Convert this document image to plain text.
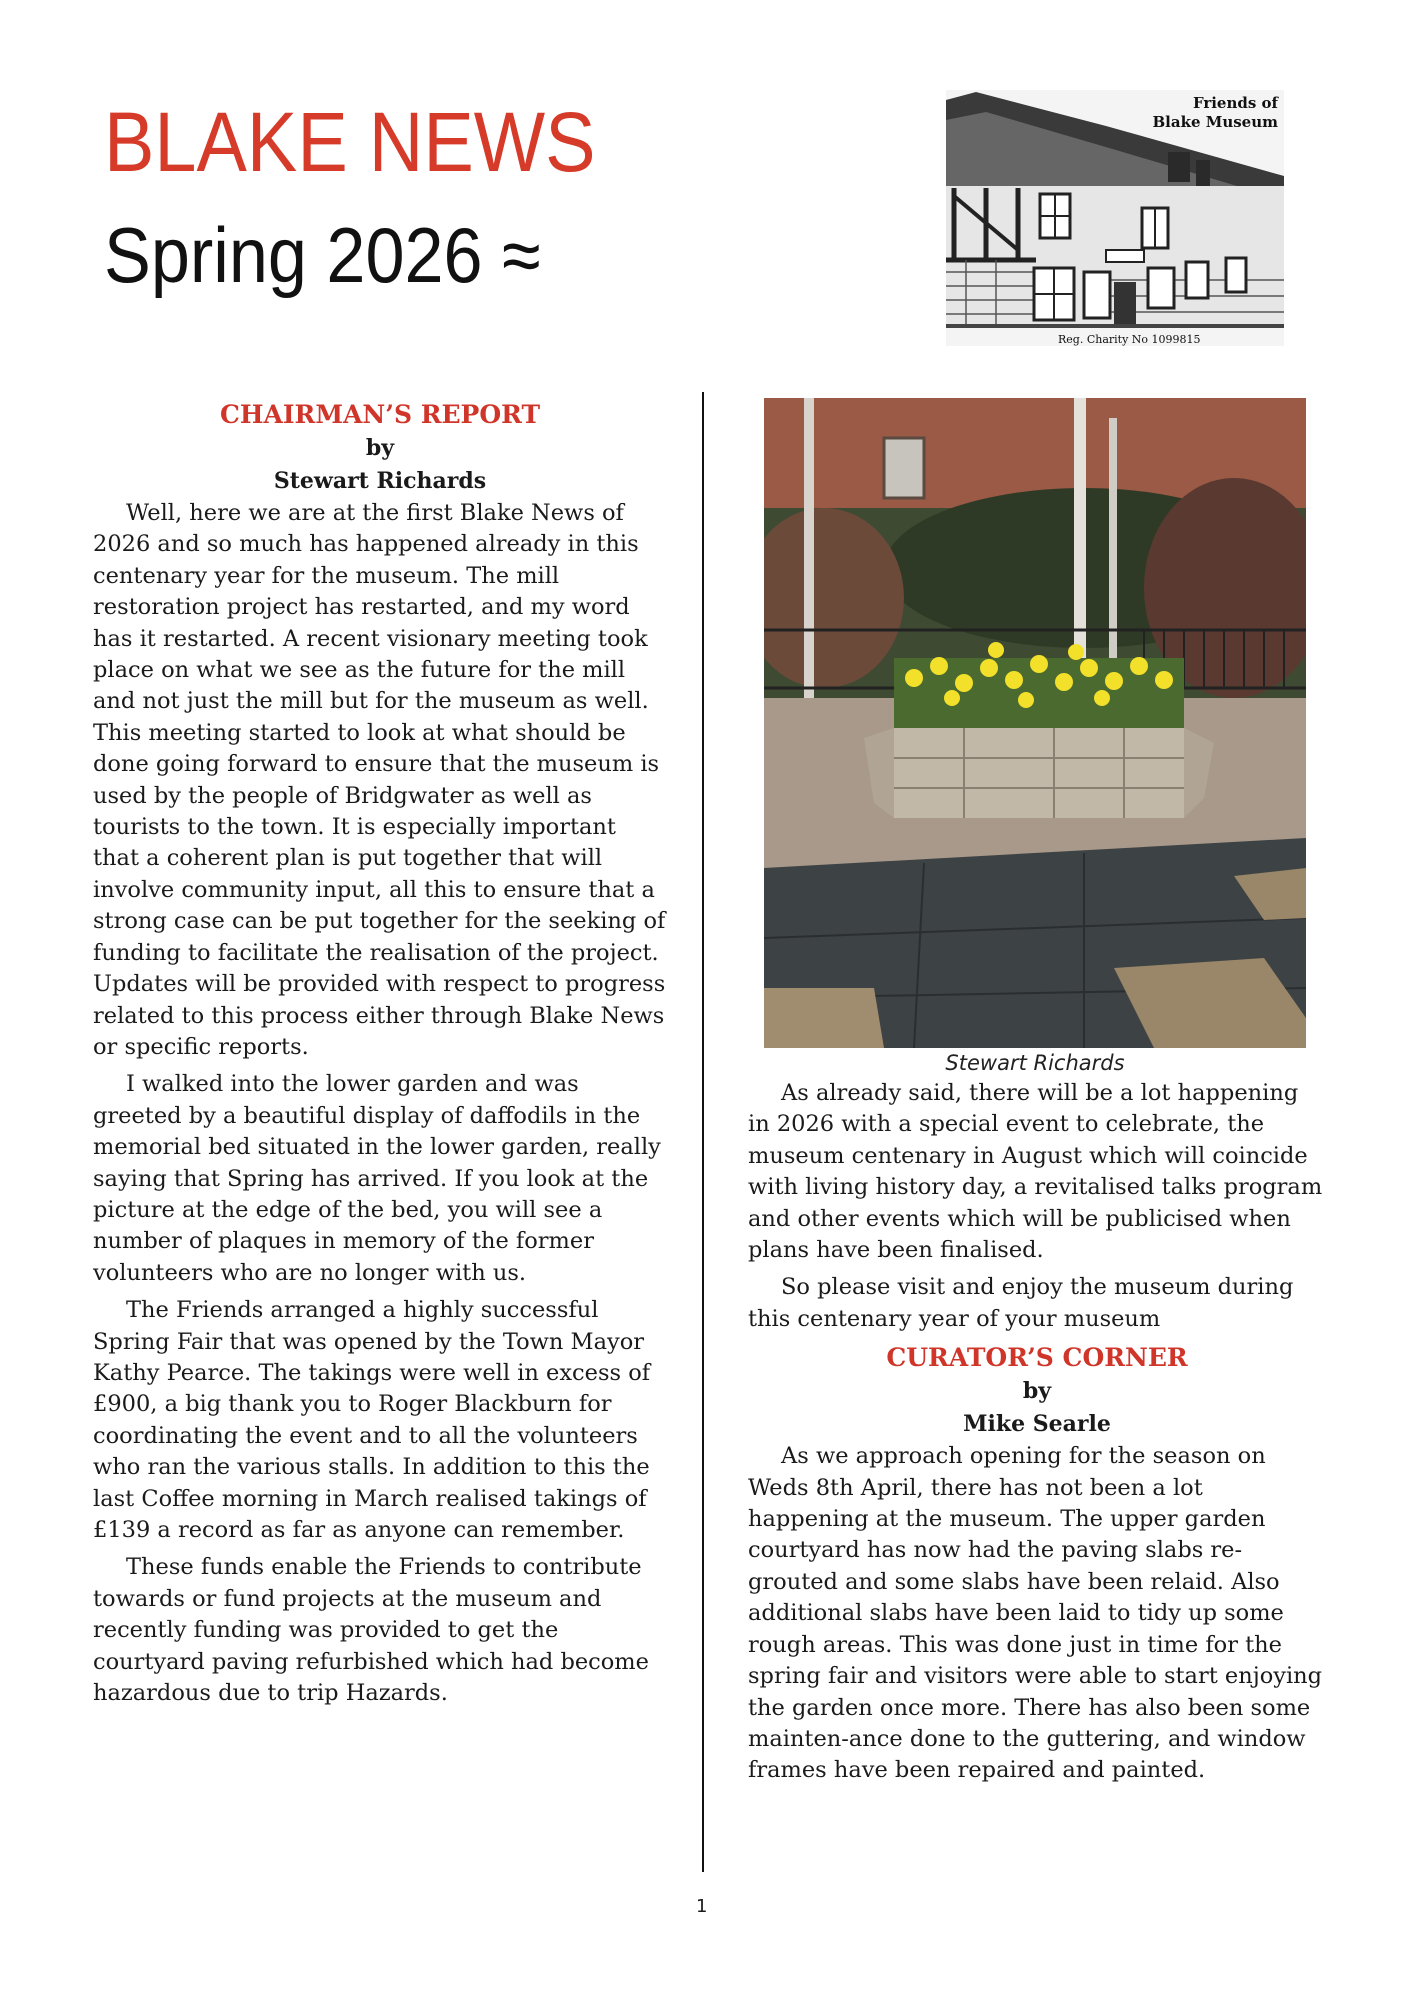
BLAKE NEWS
Spring 2026 ≈
Friends of
Blake Museum
Reg. Charity No 1099815
CHAIRMAN’S REPORT
by
Stewart Richards

Well, here we are at the first Blake News of 2026 and so much has happened already in this centenary year for the museum. The mill restoration project has restarted, and my word has it restarted. A recent visionary meeting took place on what we see as the future for the mill and not just the mill but for the museum as well. This meeting started to look at what should be done going forward to ensure that the museum is used by the people of Bridgwater as well as tourists to the town. It is especially important that a coherent plan is put together that will involve community input, all this to ensure that a strong case can be put together for the seeking of funding to facilitate the realisation of the project. Updates will be provided with respect to progress related to this process either through Blake News or specific reports.

I walked into the lower garden and was greeted by a beautiful display of daffodils in the memorial bed situated in the lower garden, really saying that Spring has arrived. If you look at the picture at the edge of the bed, you will see a number of plaques in memory of the former volunteers who are no longer with us.

The Friends arranged a highly successful Spring Fair that was opened by the Town Mayor Kathy Pearce. The takings were well in excess of £900, a big thank you to Roger Blackburn for coordinating the event and to all the volunteers who ran the various stalls. In addition to this the last Coffee morning in March realised takings of £139 a record as far as anyone can remember.

These funds enable the Friends to contribute towards or fund projects at the museum and recently funding was provided to get the courtyard paving refurbished which had become hazardous due to trip Hazards.

Stewart Richards

As already said, there will be a lot happening in 2026 with a special event to celebrate, the museum centenary in August which will coincide with living history day, a revitalised talks program and other events which will be publicised when plans have been finalised.

So please visit and enjoy the museum during this centenary year of your museum

CURATOR’S CORNER
by
Mike Searle

As we approach opening for the season on Weds 8th April, there has not been a lot happening at the museum. The upper garden courtyard has now had the paving slabs re-grouted and some slabs have been relaid. Also additional slabs have been laid to tidy up some rough areas. This was done just in time for the spring fair and visitors were able to start enjoying the garden once more. There has also been some mainten-ance done to the guttering, and window frames have been repaired and painted.

1
